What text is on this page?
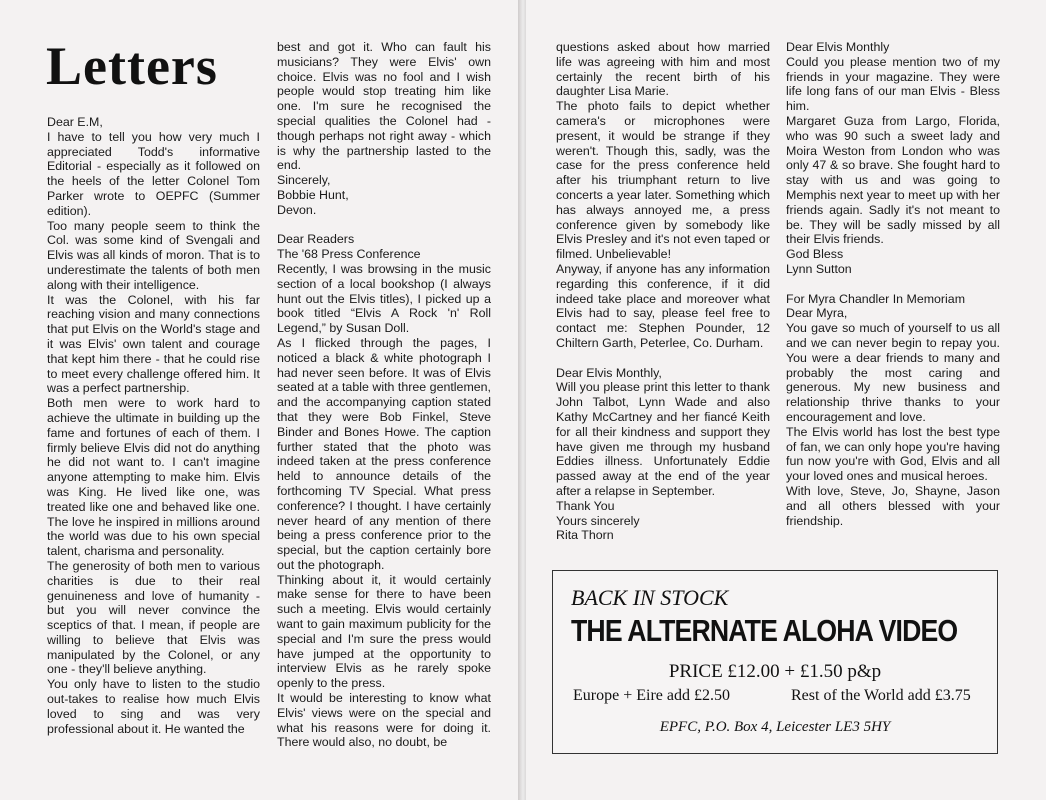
Letters

Dear E.M,

I have to tell you how very much I appreciated Todd's informative Editorial - especially as it followed on the heels of the letter Colonel Tom Parker wrote to OEPFC (Summer edition).

Too many people seem to think the Col. was some kind of Svengali and Elvis was all kinds of moron. That is to underestimate the talents of both men along with their intelligence.

It was the Colonel, with his far reaching vision and many connections that put Elvis on the World's stage and it was Elvis' own talent and courage that kept him there - that he could rise to meet every challenge offered him. It was a perfect partnership.

Both men were to work hard to achieve the ultimate in building up the fame and fortunes of each of them. I firmly believe Elvis did not do anything he did not want to. I can't imagine anyone attempting to make him. Elvis was King. He lived like one, was treated like one and behaved like one. The love he inspired in millions around the world was due to his own special talent, charisma and personality.

The generosity of both men to various charities is due to their real genuineness and love of humanity - but you will never convince the sceptics of that. I mean, if people are willing to believe that Elvis was manipulated by the Colonel, or any one - they'll believe anything.

You only have to listen to the studio out-takes to realise how much Elvis loved to sing and was very professional about it. He wanted the

best and got it. Who can fault his musicians? They were Elvis' own choice. Elvis was no fool and I wish people would stop treating him like one. I'm sure he recognised the special qualities the Colonel had - though perhaps not right away - which is why the partnership lasted to the end.

Sincerely,

Bobbie Hunt,

Devon.

Dear Readers

The '68 Press Conference

Recently, I was browsing in the music section of a local bookshop (I always hunt out the Elvis titles), I picked up a book titled “Elvis A Rock 'n' Roll Legend,” by Susan Doll.

As I flicked through the pages, I noticed a black & white photograph I had never seen before. It was of Elvis seated at a table with three gentlemen, and the accompanying caption stated that they were Bob Finkel, Steve Binder and Bones Howe. The caption further stated that the photo was indeed taken at the press conference held to announce details of the forthcoming TV Special. What press conference? I thought. I have certainly never heard of any mention of there being a press conference prior to the special, but the caption certainly bore out the photograph.

Thinking about it, it would certainly make sense for there to have been such a meeting. Elvis would certainly want to gain maximum publicity for the special and I'm sure the press would have jumped at the opportunity to interview Elvis as he rarely spoke openly to the press.

It would be interesting to know what Elvis' views were on the special and what his reasons were for doing it. There would also, no doubt, be

questions asked about how married life was agreeing with him and most certainly the recent birth of his daughter Lisa Marie.

The photo fails to depict whether camera's or microphones were present, it would be strange if they weren't. Though this, sadly, was the case for the press conference held after his triumphant return to live concerts a year later. Something which has always annoyed me, a press conference given by somebody like Elvis Presley and it's not even taped or filmed. Unbelievable!

Anyway, if anyone has any information regarding this conference, if it did indeed take place and moreover what Elvis had to say, please feel free to contact me: Stephen Pounder, 12 Chiltern Garth, Peterlee, Co. Durham.

Dear Elvis Monthly,

Will you please print this letter to thank John Talbot, Lynn Wade and also Kathy McCartney and her fiancé Keith for all their kindness and support they have given me through my husband Eddies illness. Unfortunately Eddie passed away at the end of the year after a relapse in September.

Thank You

Yours sincerely

Rita Thorn

Dear Elvis Monthly

Could you please mention two of my friends in your magazine. They were life long fans of our man Elvis - Bless him.

Margaret Guza from Largo, Florida, who was 90 such a sweet lady and Moira Weston from London who was only 47 & so brave. She fought hard to stay with us and was going to Memphis next year to meet up with her friends again. Sadly it's not meant to be. They will be sadly missed by all their Elvis friends.

God Bless

Lynn Sutton

For Myra Chandler In Memoriam

Dear Myra,

You gave so much of yourself to us all and we can never begin to repay you. You were a dear friends to many and probably the most caring and generous. My new business and relationship thrive thanks to your encouragement and love.

The Elvis world has lost the best type of fan, we can only hope you're having fun now you're with God, Elvis and all your loved ones and musical heroes.

With love, Steve, Jo, Shayne, Jason and all others blessed with your friendship.

BACK IN STOCK
THE ALTERNATE ALOHA VIDEO
PRICE £12.00 + £1.50 p&p
Europe + Eire add £2.50	Rest of the World add £3.75
EPFC, P.O. Box 4, Leicester LE3 5HY
